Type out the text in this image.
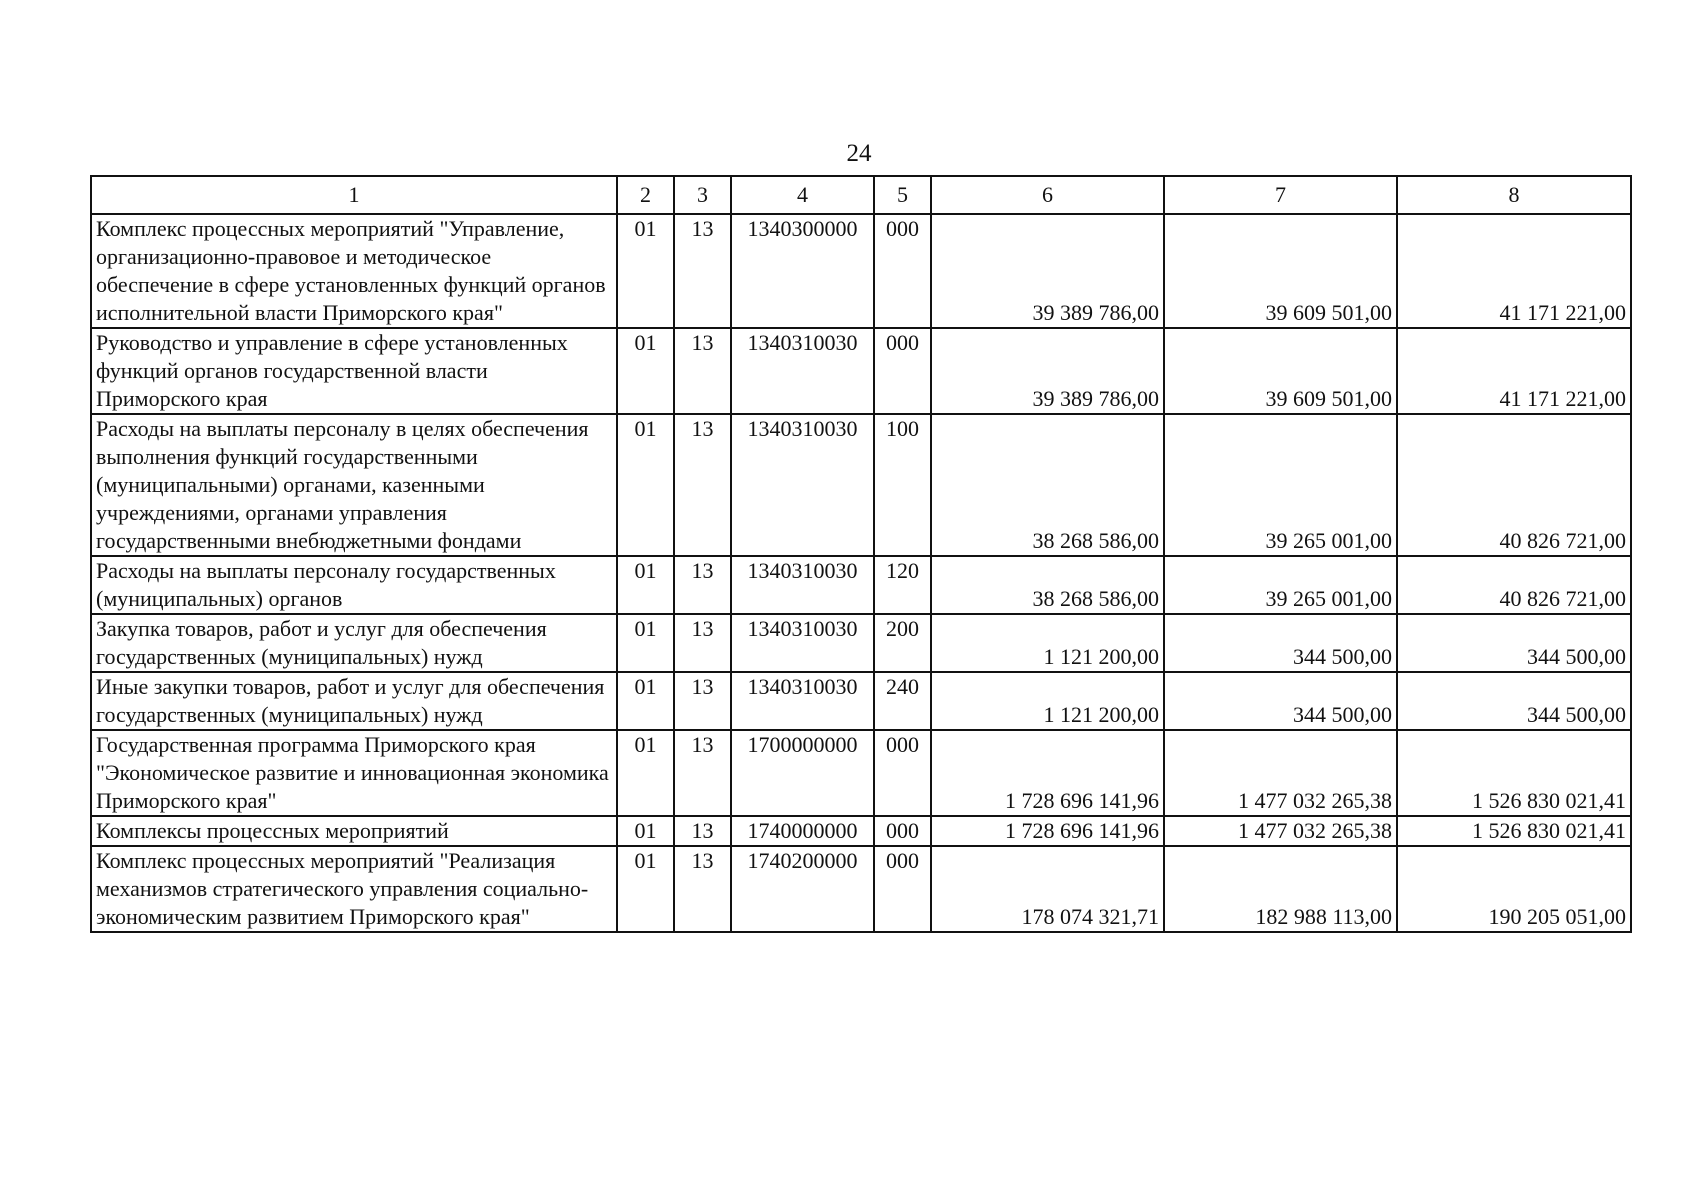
24
1	2	3	4	5	6	7	8
Комплекс процессных мероприятий "Управление, организационно-правовое и методическое обеспечение в сфере установленных функций органов исполнительной власти Приморского края"	01	13	1340300000	000	39 389 786,00	39 609 501,00	41 171 221,00
Руководство и управление в сфере установленных функций органов государственной власти Приморского края	01	13	1340310030	000	39 389 786,00	39 609 501,00	41 171 221,00
Расходы на выплаты персоналу в целях обеспечения выполнения функций государственными (муниципальными) органами, казенными учреждениями, органами управления государственными внебюджетными фондами	01	13	1340310030	100	38 268 586,00	39 265 001,00	40 826 721,00
Расходы на выплаты персоналу государственных (муниципальных) органов	01	13	1340310030	120	38 268 586,00	39 265 001,00	40 826 721,00
Закупка товаров, работ и услуг для обеспечения государственных (муниципальных) нужд	01	13	1340310030	200	1 121 200,00	344 500,00	344 500,00
Иные закупки товаров, работ и услуг для обеспечения государственных (муниципальных) нужд	01	13	1340310030	240	1 121 200,00	344 500,00	344 500,00
Государственная программа Приморского края "Экономическое развитие и инновационная экономика Приморского края"	01	13	1700000000	000	1 728 696 141,96	1 477 032 265,38	1 526 830 021,41
Комплексы процессных мероприятий	01	13	1740000000	000	1 728 696 141,96	1 477 032 265,38	1 526 830 021,41
Комплекс процессных мероприятий "Реализация механизмов стратегического управления социально-экономическим развитием Приморского края"	01	13	1740200000	000	178 074 321,71	182 988 113,00	190 205 051,00
